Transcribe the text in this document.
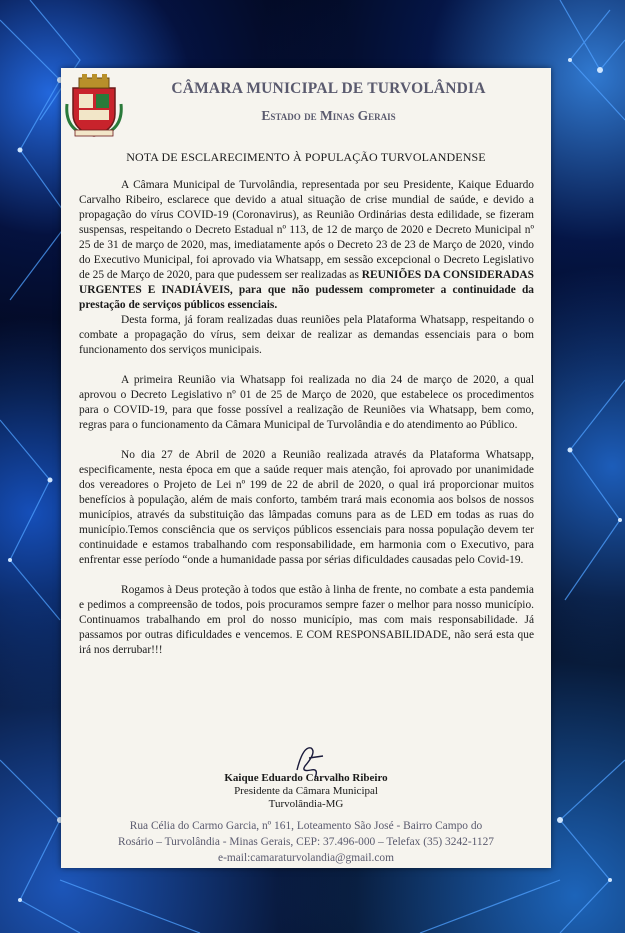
CÂMARA MUNICIPAL DE TURVOLÂNDIA
Estado de Minas Gerais
NOTA DE ESCLARECIMENTO À POPULAÇÃO TURVOLANDENSE

A Câmara Municipal de Turvolândia, representada por seu Presidente, Kaique Eduardo Carvalho Ribeiro, esclarece que devido a atual situação de crise mundial de saúde, e devido a propagação do vírus COVID-19 (Coronavirus), as Reunião Ordinárias desta edilidade, se fizeram suspensas, respeitando o Decreto Estadual nº 113, de 12 de março de 2020 e Decreto Municipal nº 25 de 31 de março de 2020, mas, imediatamente após o Decreto 23 de 23 de Março de 2020, vindo do Executivo Municipal, foi aprovado via Whatsapp, em sessão excepcional o Decreto Legislativo de 25 de Março de 2020, para que pudessem ser realizadas as REUNIÕES DA CONSIDERADAS URGENTES E INADIÁVEIS, para que não pudessem comprometer a continuidade da prestação de serviços públicos essenciais.

Desta forma, já foram realizadas duas reuniões pela Plataforma Whatsapp, respeitando o combate a propagação do vírus, sem deixar de realizar as demandas essenciais para o bom funcionamento dos serviços municipais.

A primeira Reunião via Whatsapp foi realizada no dia 24 de março de 2020, a qual aprovou o Decreto Legislativo nº 01 de 25 de Março de 2020, que estabelece os procedimentos para o COVID-19, para que fosse possível a realização de Reuniões via Whatsapp, bem como, regras para o funcionamento da Câmara Municipal de Turvolândia e do atendimento ao Público.

No dia 27 de Abril de 2020 a Reunião realizada através da Plataforma Whatsapp, especificamente, nesta época em que a saúde requer mais atenção, foi aprovado por unanimidade dos vereadores o Projeto de Lei nº 199 de 22 de abril de 2020, o qual irá proporcionar muitos benefícios à população, além de mais conforto, também trará mais economia aos bolsos de nossos municípios, através da substituição das lâmpadas comuns para as de LED em todas as ruas do município.Temos consciência que os serviços públicos essenciais para nossa população devem ter continuidade e estamos trabalhando com responsabilidade, em harmonia com o Executivo, para enfrentar esse período “onde a humanidade passa por sérias dificuldades causadas pelo Covid-19.

Rogamos à Deus proteção à todos que estão à linha de frente, no combate a esta pandemia e pedimos a compreensão de todos, pois procuramos sempre fazer o melhor para nosso município. Continuamos trabalhando em prol do nosso município, mas com mais responsabilidade. Já passamos por outras dificuldades e vencemos. E COM RESPONSABILIDADE, não será esta que irá nos derrubar!!!

Kaique Eduardo Carvalho Ribeiro
Presidente da Câmara Municipal
Turvolândia-MG
Rua Célia do Carmo Garcia, nº 161, Loteamento São José - Bairro Campo do
Rosário – Turvolândia - Minas Gerais, CEP: 37.496-000 – Telefax (35) 3242-1127
e-mail:camaraturvolandia@gmail.com
